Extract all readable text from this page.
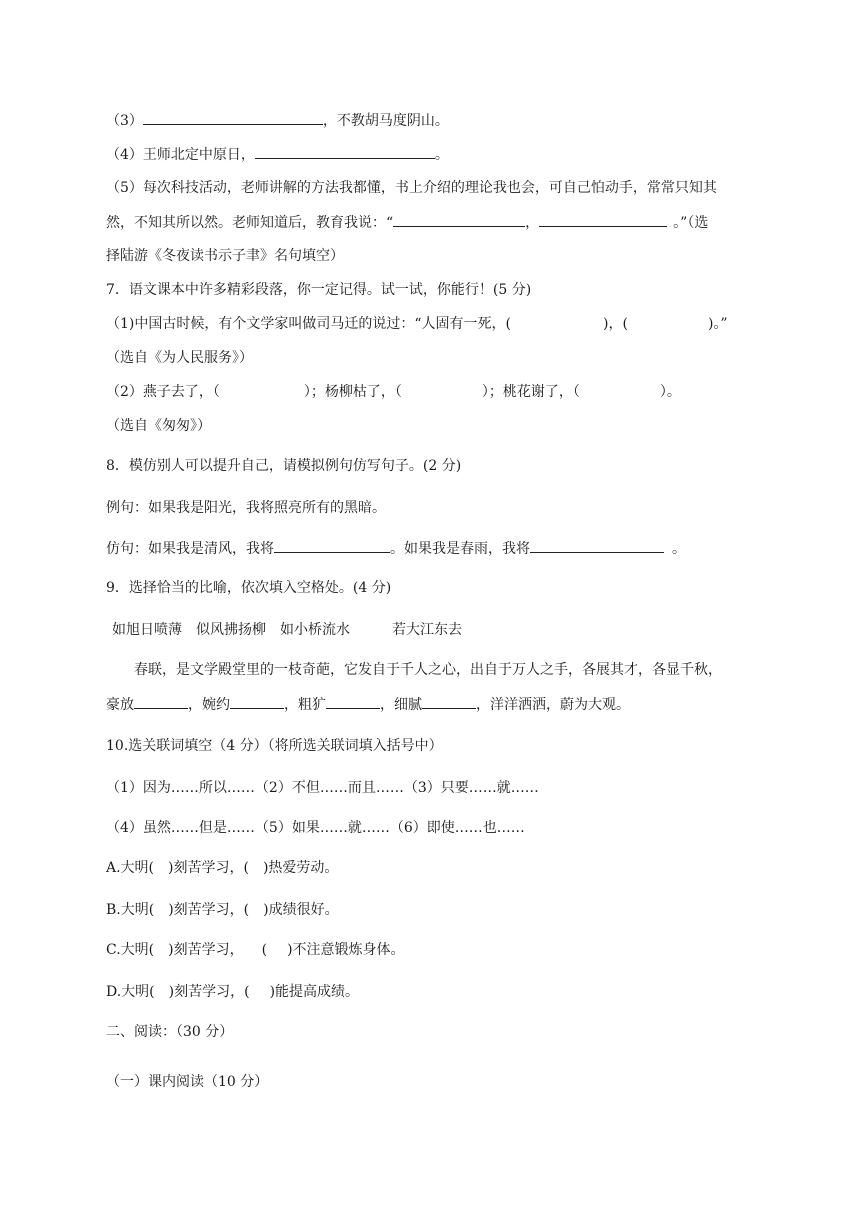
（3）	，不教胡马度阴山。
（4）王师北定中原日，	。
（5）每次科技活动，老师讲解的方法我都懂，书上介绍的理论我也会，可自己怕动手，常常只知其
然，不知其所以然。老师知道后，教育我说：“	，	。”（选
择陆游《冬夜读书示子聿》名句填空）
7．语文课本中许多精彩段落，你一定记得。试一试，你能行！(5 分)
（1)中国古时候，有个文学家叫做司马迁的说过：“人固有一死，(	)，(	)。”
（选自《为人民服务》）
（2）燕子去了，（	）；杨柳枯了，（	）；桃花谢了，（	）。
（选自《匆匆》）
8．模仿别人可以提升自己，请模拟例句仿写句子。(2 分)
例句：如果我是阳光，我将照亮所有的黑暗。
仿句：如果我是清风，我将	。如果我是春雨，我将	。
9．选择恰当的比喻，依次填入空格处。(4 分)
如旭日喷薄 似风拂扬柳 如小桥流水	若大江东去
春联，是文学殿堂里的一枝奇葩，它发自于千人之心，出自于万人之手，各展其才，各显千秋，
豪放	，婉约	，粗犷	，细腻	，洋洋洒洒，蔚为大观。
10.选关联词填空（4 分）（将所选关联词填入括号中）
（1）因为……所以……（2）不但……而且……（3）只要……就……
（4）虽然……但是……（5）如果……就……（6）即使……也……
A.大明( )刻苦学习，( )热爱劳动。
B.大明( )刻苦学习，( )成绩很好。
C.大明( )刻苦学习， ( )不注意锻炼身体。
D.大明( )刻苦学习，( )能提高成绩。
二、阅读：（30 分）
（一）课内阅读（10 分）
